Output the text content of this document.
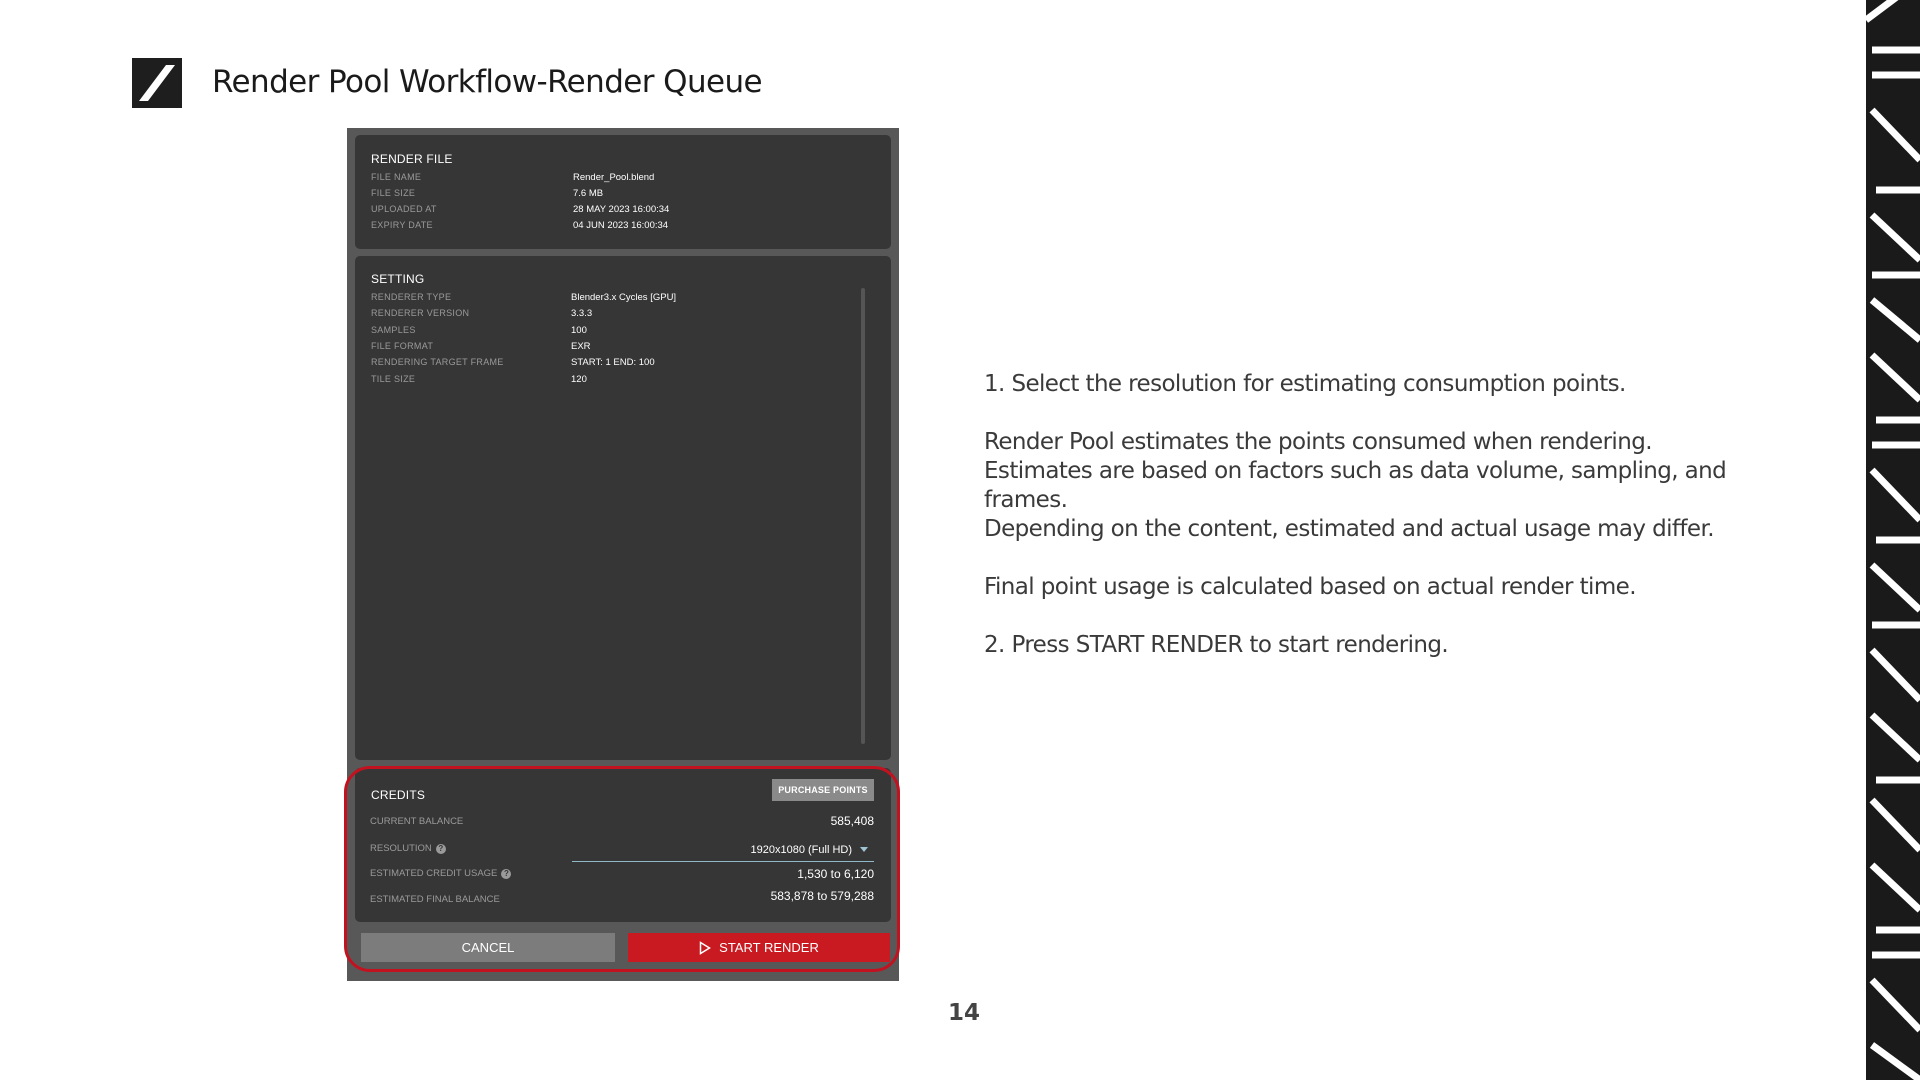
Render Pool Workflow-Render Queue
RENDER FILE
FILE NAME	Render_Pool.blend
FILE SIZE	7.6 MB
UPLOADED AT	28 MAY 2023 16:00:34
EXPIRY DATE	04 JUN 2023 16:00:34
SETTING
RENDERER TYPE	Blender3.x Cycles [GPU]
RENDERER VERSION	3.3.3
SAMPLES	100
FILE FORMAT	EXR
RENDERING TARGET FRAME	START: 1 END: 100
TILE SIZE	120
CREDITS	PURCHASE POINTS
CURRENT BALANCE	585,408
RESOLUTION ?	1920x1080 (Full HD)
ESTIMATED CREDIT USAGE ?	1,530 to 6,120
ESTIMATED FINAL BALANCE	583,878 to 579,288
CANCEL	START RENDER

1. Select the resolution for estimating consumption points.

Render Pool estimates the points consumed when rendering.

Estimates are based on factors such as data volume, sampling, and

frames.

Depending on the content, estimated and actual usage may differ.

Final point usage is calculated based on actual render time.

2. Press START RENDER to start rendering.

14
